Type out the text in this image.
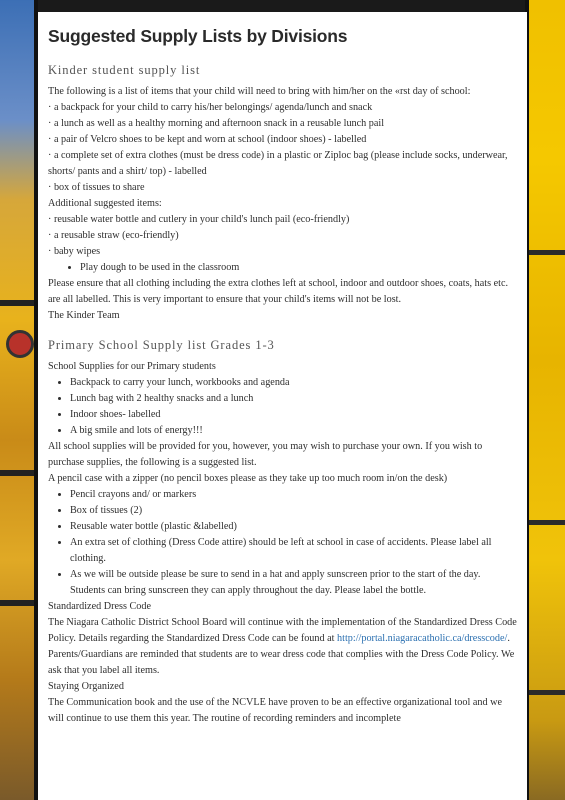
Suggested Supply Lists by Divisions
Kinder student supply list

The following is a list of items that your child will need to bring with him/her on the «rst day of school:

· a backpack for your child to carry his/her belongings/ agenda/lunch and snack

· a lunch as well as a healthy morning and afternoon snack in a reusable lunch pail

· a pair of Velcro shoes to be kept and worn at school (indoor shoes) - labelled

· a complete set of extra clothes (must be dress code) in a plastic or Ziploc bag (please include socks, underwear, shorts/ pants and a shirt/ top) - labelled

· box of tissues to share

Additional suggested items:

· reusable water bottle and cutlery in your child's lunch pail (eco-friendly)

· a reusable straw (eco-friendly)

· baby wipes

• Play dough to be used in the classroom

Please ensure that all clothing including the extra clothes left at school, indoor and outdoor shoes, coats, hats etc. are all labelled. This is very important to ensure that your child's items will not be lost.

The Kinder Team

Primary School Supply list Grades 1-3

School Supplies for our Primary students

• Backpack to carry your lunch, workbooks and agenda
• Lunch bag with 2 healthy snacks and a lunch
• Indoor shoes- labelled
• A big smile and lots of energy!!!

All school supplies will be provided for you, however, you may wish to purchase your own. If you wish to purchase supplies, the following is a suggested list.

A pencil case with a zipper (no pencil boxes please as they take up too much room in/on the desk)

• Pencil crayons and/ or markers
• Box of tissues (2)
• Reusable water bottle (plastic &labelled)
• An extra set of clothing (Dress Code attire) should be left at school in case of accidents. Please label all clothing.
• As we will be outside please be sure to send in a hat and apply sunscreen prior to the start of the day. Students can bring sunscreen they can apply throughout the day. Please label the bottle.

Standardized Dress Code

The Niagara Catholic District School Board will continue with the implementation of the Standardized Dress Code Policy. Details regarding the Standardized Dress Code can be found at http://portal.niagaracatholic.ca/dresscode/. Parents/Guardians are reminded that students are to wear dress code that complies with the Dress Code Policy. We ask that you label all items.

Staying Organized

The Communication book and the use of the NCVLE have proven to be an effective organizational tool and we will continue to use them this year. The routine of recording reminders and incomplete
